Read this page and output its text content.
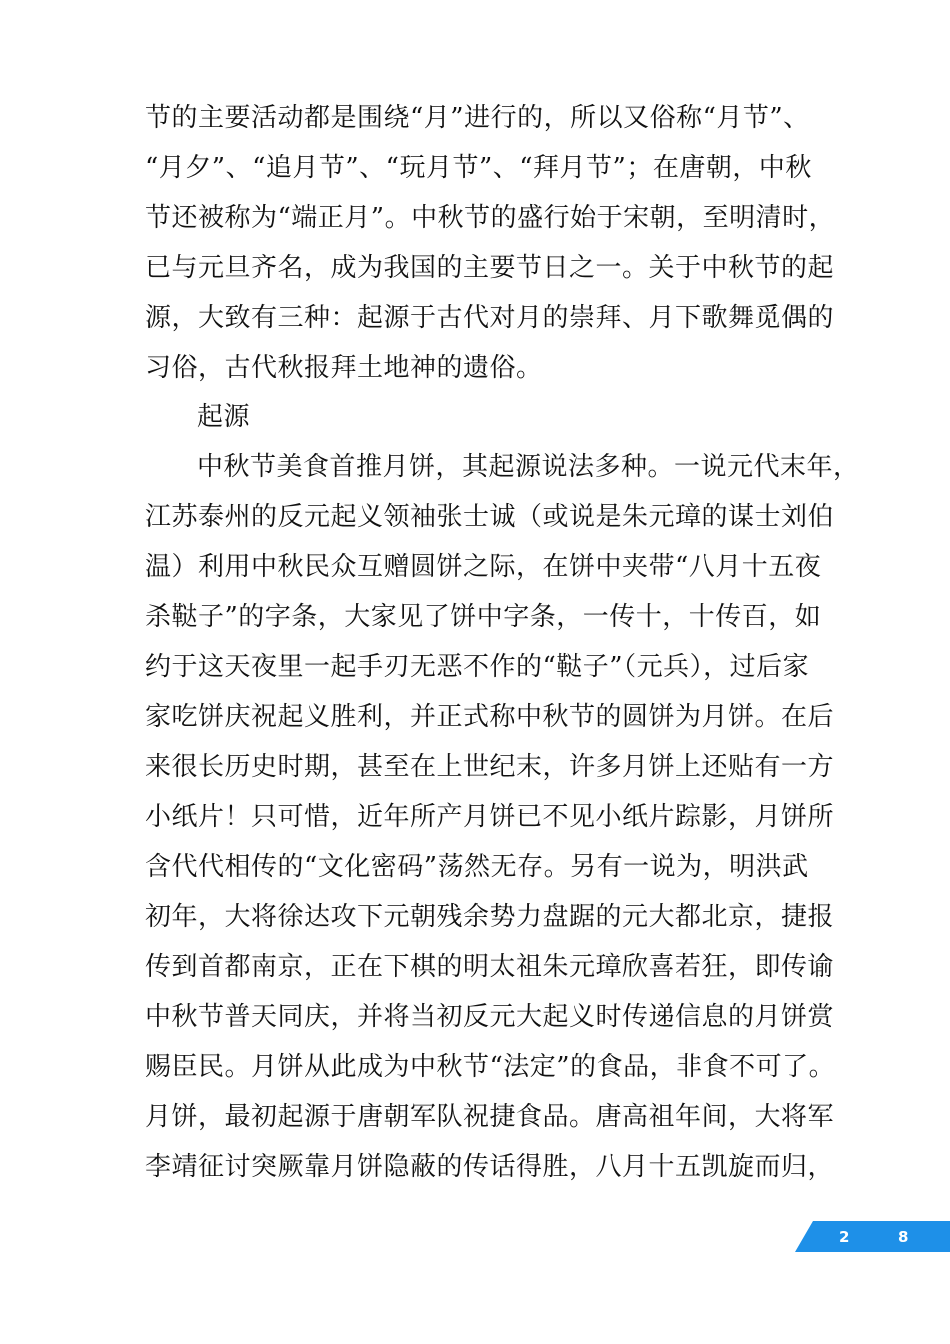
节的主要活动都是围绕“月”进行的，所以又俗称“月节”、
“月夕”、“追月节”、“玩月节”、“拜月节”；在唐朝，中秋
节还被称为“端正月”。中秋节的盛行始于宋朝，至明清时，
已与元旦齐名，成为我国的主要节日之一。关于中秋节的起
源，大致有三种：起源于古代对月的崇拜、月下歌舞觅偶的
习俗，古代秋报拜土地神的遗俗。
起源
中秋节美食首推月饼，其起源说法多种。一说元代末年，
江苏泰州的反元起义领袖张士诚（或说是朱元璋的谋士刘伯
温）利用中秋民众互赠圆饼之际，在饼中夹带“八月十五夜
杀鞑子”的字条，大家见了饼中字条，一传十，十传百，如
约于这天夜里一起手刃无恶不作的“鞑子”（元兵），过后家
家吃饼庆祝起义胜利，并正式称中秋节的圆饼为月饼。在后
来很长历史时期，甚至在上世纪末，许多月饼上还贴有一方
小纸片！只可惜，近年所产月饼已不见小纸片踪影，月饼所
含代代相传的“文化密码”荡然无存。另有一说为，明洪武
初年，大将徐达攻下元朝残余势力盘踞的元大都北京，捷报
传到首都南京，正在下棋的明太祖朱元璋欣喜若狂，即传谕
中秋节普天同庆，并将当初反元大起义时传递信息的月饼赏
赐臣民。月饼从此成为中秋节“法定”的食品，非食不可了。
月饼，最初起源于唐朝军队祝捷食品。唐高祖年间，大将军
李靖征讨突厥靠月饼隐蔽的传话得胜，八月十五凯旋而归，
2	8
